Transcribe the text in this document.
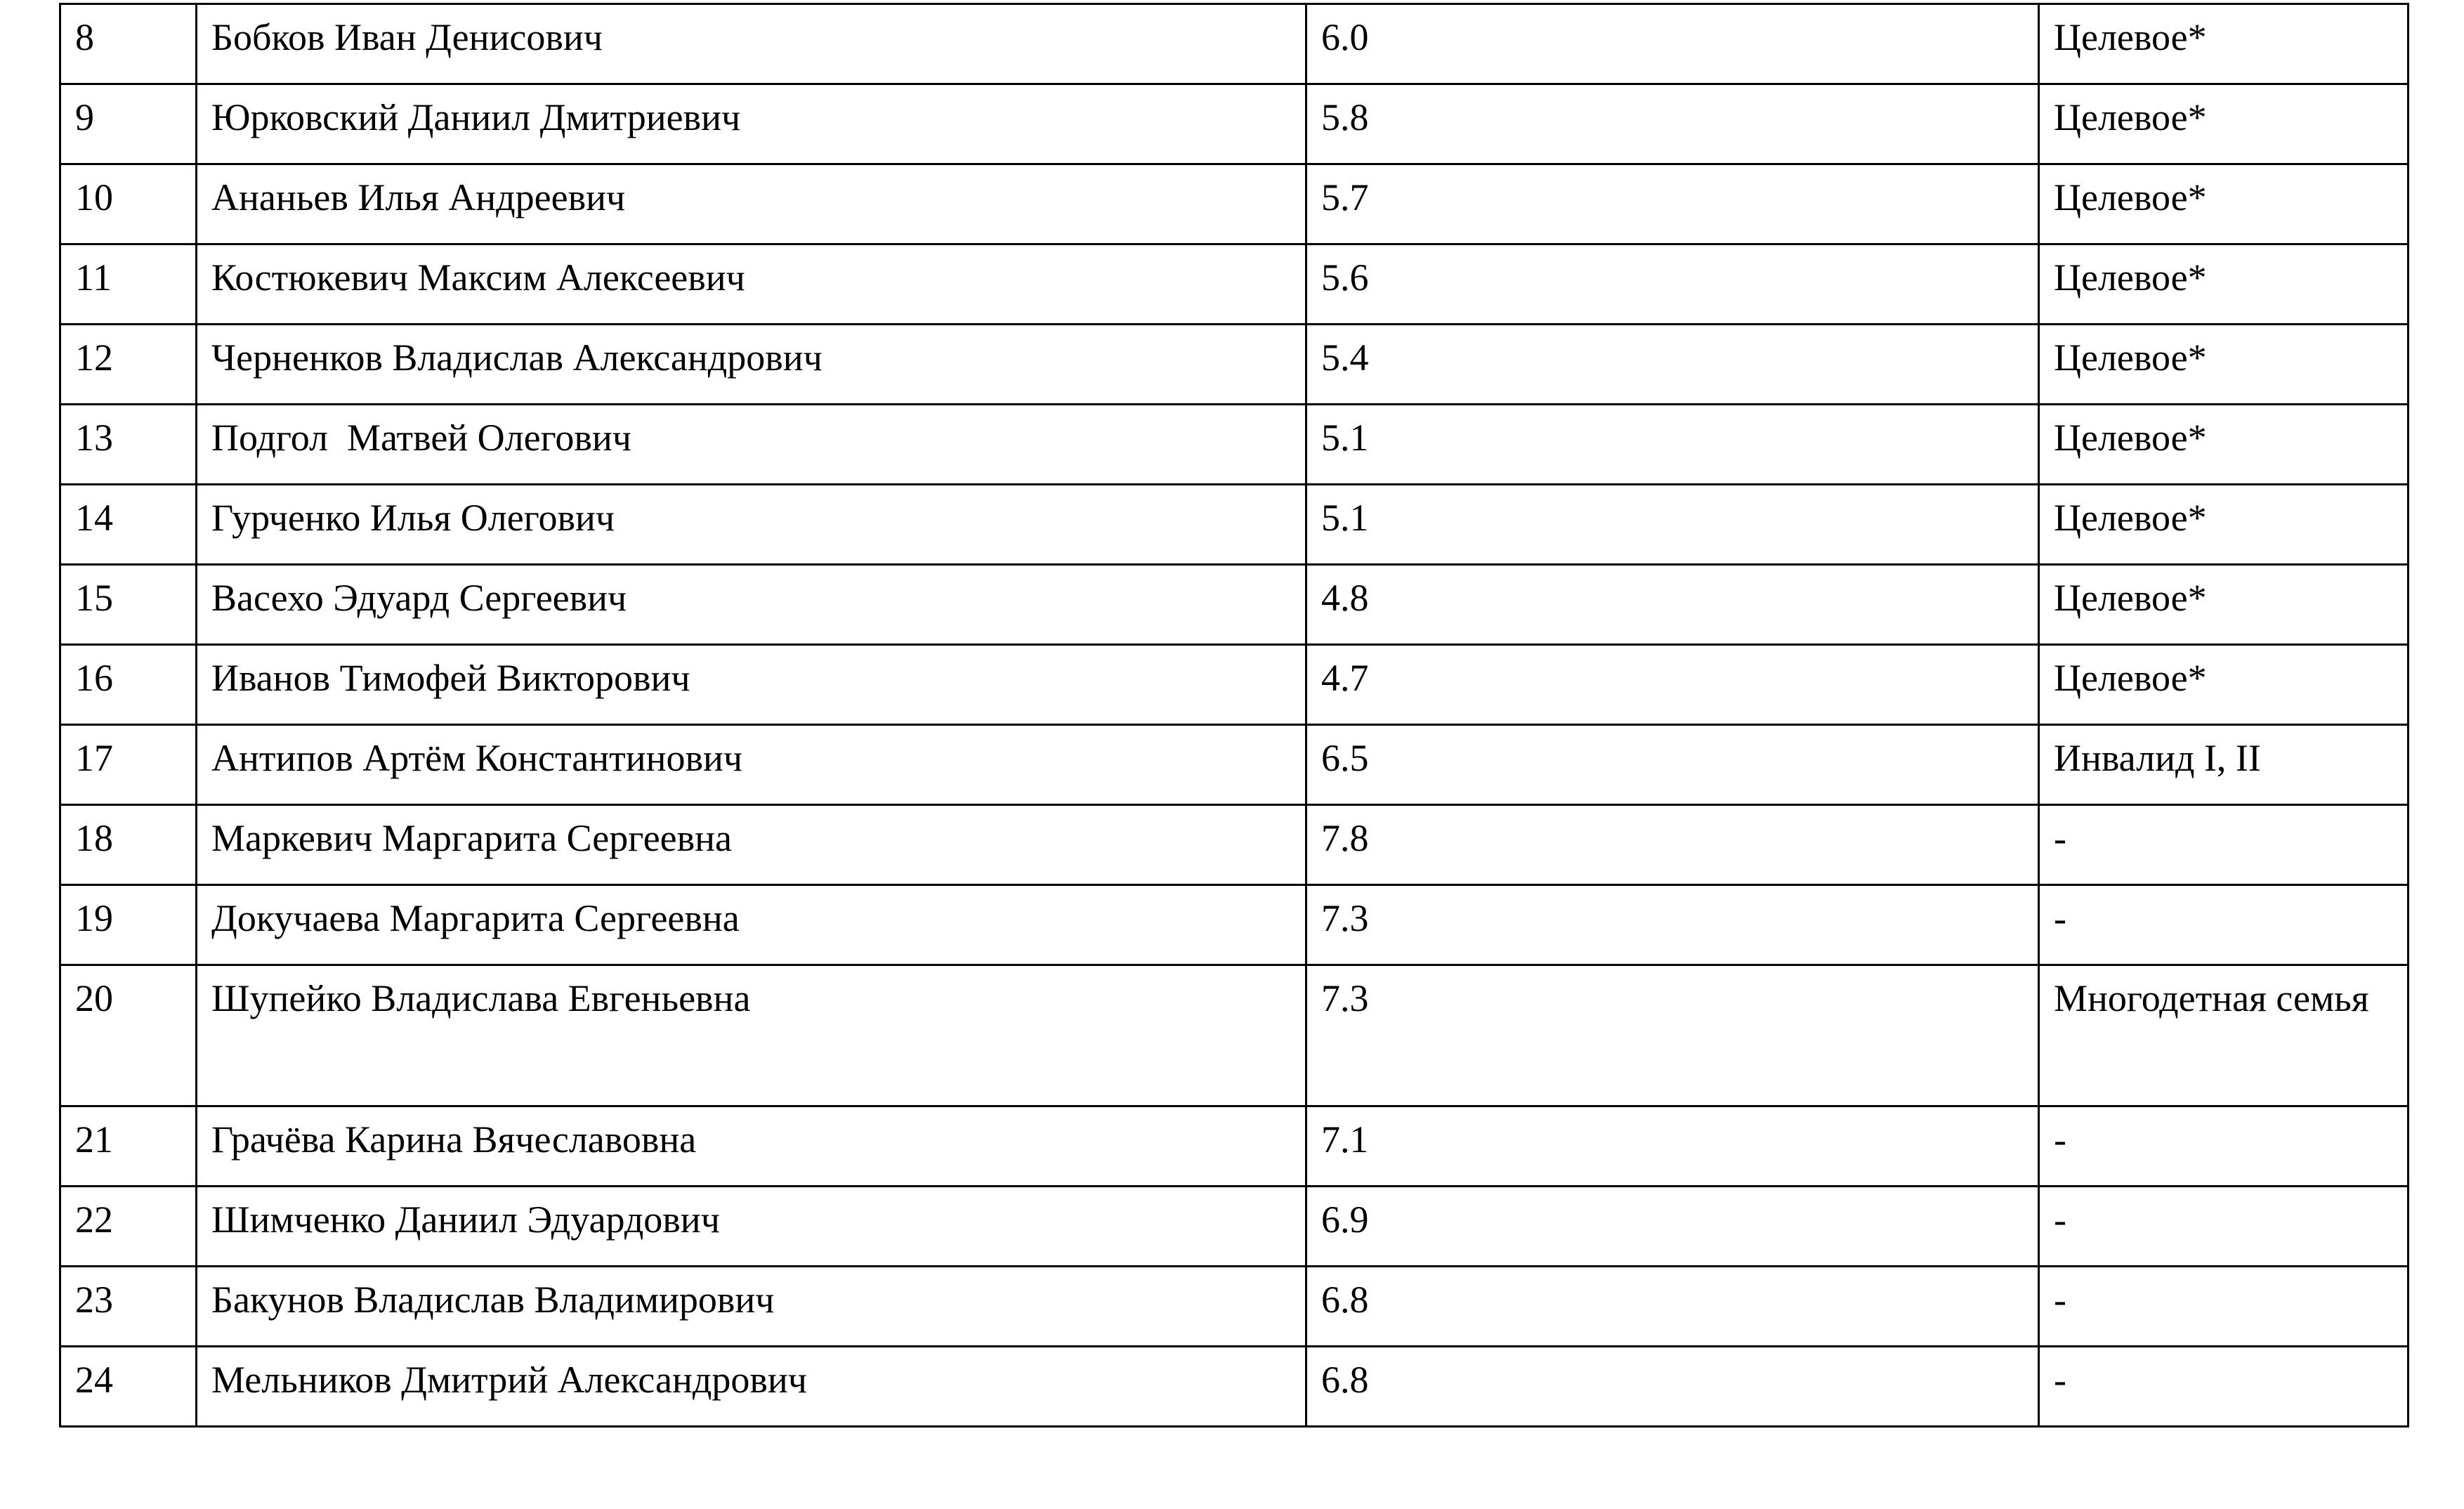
8	Бобков Иван Денисович	6.0	Целевое*
9	Юрковский Даниил Дмитриевич	5.8	Целевое*
10	Ананьев Илья Андреевич	5.7	Целевое*
11	Костюкевич Максим Алексеевич	5.6	Целевое*
12	Черненков Владислав Александрович	5.4	Целевое*
13	Подгол  Матвей Олегович	5.1	Целевое*
14	Гурченко Илья Олегович	5.1	Целевое*
15	Васехо Эдуард Сергеевич	4.8	Целевое*
16	Иванов Тимофей Викторович	4.7	Целевое*
17	Антипов Артём Константинович	6.5	Инвалид I, II
18	Маркевич Маргарита Сергеевна	7.8	-
19	Докучаева Маргарита Сергеевна	7.3	-
20	Шупейко Владислава Евгеньевна	7.3	Многодетная семья
21	Грачёва Карина Вячеславовна	7.1	-
22	Шимченко Даниил Эдуардович	6.9	-
23	Бакунов Владислав Владимирович	6.8	-
24	Мельников Дмитрий Александрович	6.8	-
